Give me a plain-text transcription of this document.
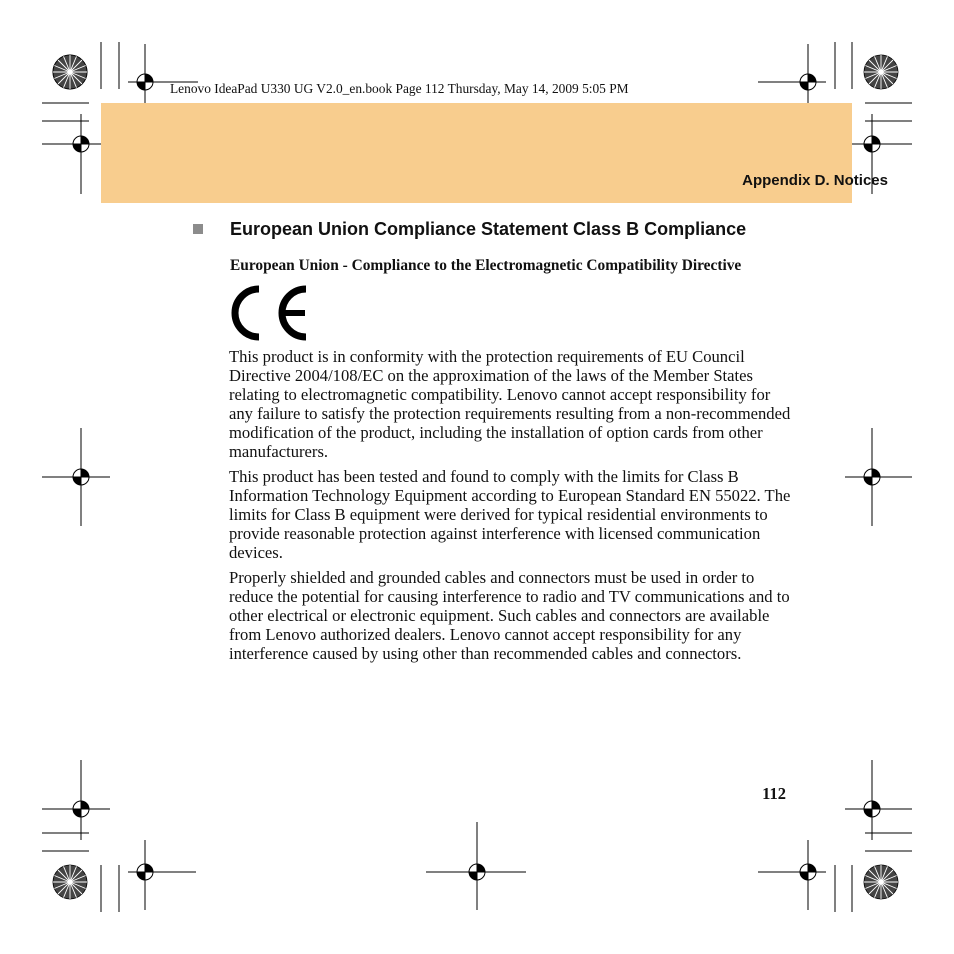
Lenovo IdeaPad U330 UG V2.0_en.book Page 112 Thursday, May 14, 2009 5:05 PM
Appendix D. Notices
European Union Compliance Statement Class B Compliance
European Union - Compliance to the Electromagnetic Compatibility Directive

This product is in conformity with the protection requirements of EU Council Directive 2004/108/EC on the approximation of the laws of the Member States relating to electromagnetic compatibility. Lenovo cannot accept responsibility for any failure to satisfy the protection requirements resulting from a non-recommended modification of the product, including the installation of option cards from other manufacturers.

This product has been tested and found to comply with the limits for Class B Information Technology Equipment according to European Standard EN 55022. The limits for Class B equipment were derived for typical residential environments to provide reasonable protection against interference with licensed communication devices.

Properly shielded and grounded cables and connectors must be used in order to reduce the potential for causing interference to radio and TV communications and to other electrical or electronic equipment. Such cables and connectors are available from Lenovo authorized dealers. Lenovo cannot accept responsibility for any interference caused by using other than recommended cables and connectors.

112
